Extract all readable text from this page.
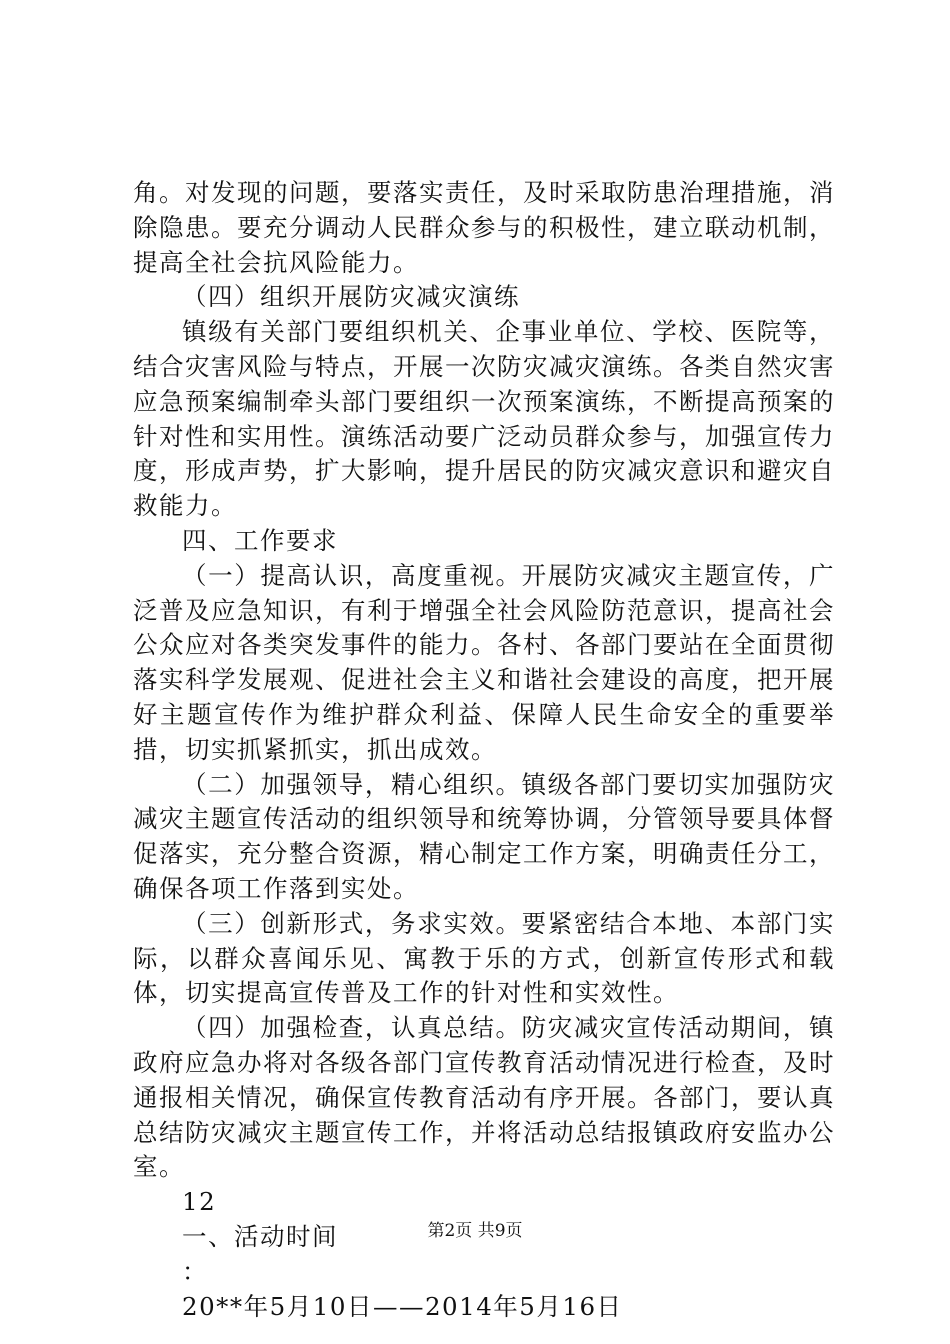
角。对发现的问题，要落实责任，及时采取防患治理措施，消除隐患。要充分调动人民群众参与的积极性，建立联动机制，提高全社会抗风险能力。

（四）组织开展防灾减灾演练

镇级有关部门要组织机关、企事业单位、学校、医院等，结合灾害风险与特点，开展一次防灾减灾演练。各类自然灾害应急预案编制牵头部门要组织一次预案演练，不断提高预案的针对性和实用性。演练活动要广泛动员群众参与，加强宣传力度，形成声势，扩大影响，提升居民的防灾减灾意识和避灾自救能力。

四、工作要求

（一）提高认识，高度重视。开展防灾减灾主题宣传，广泛普及应急知识，有利于增强全社会风险防范意识，提高社会公众应对各类突发事件的能力。各村、各部门要站在全面贯彻落实科学发展观、促进社会主义和谐社会建设的高度，把开展好主题宣传作为维护群众利益、保障人民生命安全的重要举措，切实抓紧抓实，抓出成效。

（二）加强领导，精心组织。镇级各部门要切实加强防灾减灾主题宣传活动的组织领导和统筹协调，分管领导要具体督促落实，充分整合资源，精心制定工作方案，明确责任分工，确保各项工作落到实处。

（三）创新形式，务求实效。要紧密结合本地、本部门实际，以群众喜闻乐见、寓教于乐的方式，创新宣传形式和载体，切实提高宣传普及工作的针对性和实效性。

（四）加强检查，认真总结。防灾减灾宣传活动期间，镇政府应急办将对各级各部门宣传教育活动情况进行检查，及时通报相关情况，确保宣传教育活动有序开展。各部门，要认真总结防灾减灾主题宣传工作，并将活动总结报镇政府安监办公室。

12

一、活动时间

：

20**年5月10日——2014年5月16日

第2页 共9页
